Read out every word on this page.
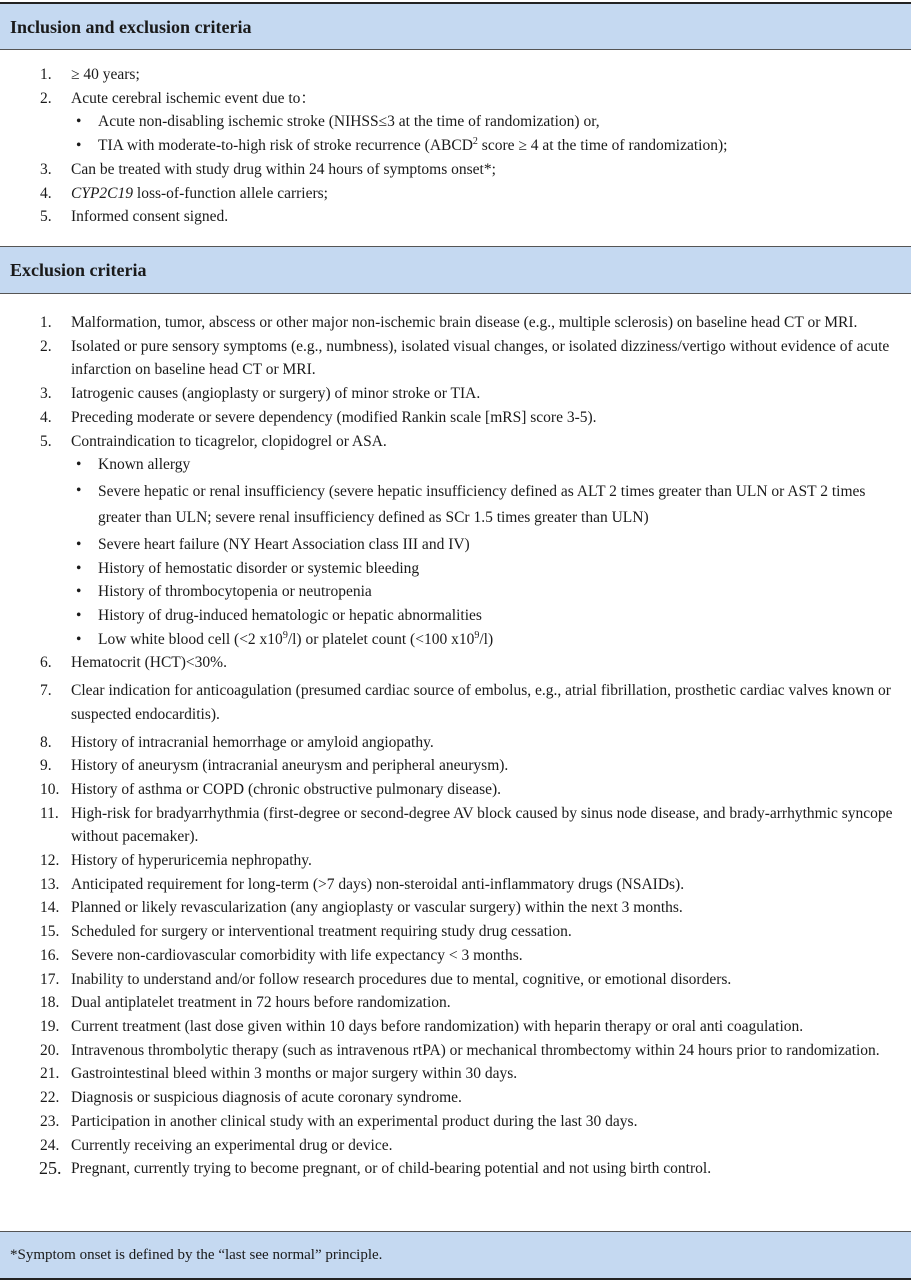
Inclusion and exclusion criteria
1. ≥ 40 years;
2. Acute cerebral ischemic event due to：
• Acute non-disabling ischemic stroke (NIHSS≤3 at the time of randomization) or,
• TIA with moderate-to-high risk of stroke recurrence (ABCD$^2$ score ≥ 4 at the time of randomization);
3. Can be treated with study drug within 24 hours of symptoms onset*;
4. CYP2C19 loss-of-function allele carriers;
5. Informed consent signed.
Exclusion criteria
1. Malformation, tumor, abscess or other major non-ischemic brain disease (e.g., multiple sclerosis) on baseline head CT or MRI.
2. Isolated or pure sensory symptoms (e.g., numbness), isolated visual changes, or isolated dizziness/vertigo without evidence of acute infarction on baseline head CT or MRI.
3. Iatrogenic causes (angioplasty or surgery) of minor stroke or TIA.
4. Preceding moderate or severe dependency (modified Rankin scale [mRS] score 3-5).
5. Contraindication to ticagrelor, clopidogrel or ASA.
• Known allergy
• Severe hepatic or renal insufficiency (severe hepatic insufficiency defined as ALT 2 times greater than ULN or AST 2 times greater than ULN; severe renal insufficiency defined as SCr 1.5 times greater than ULN)
• Severe heart failure (NY Heart Association class III and IV)
• History of hemostatic disorder or systemic bleeding
• History of thrombocytopenia or neutropenia
• History of drug-induced hematologic or hepatic abnormalities
• Low white blood cell (<2 $x10^9/l$) or platelet count (<100 $x10^9/l$)
6. Hematocrit (HCT)<30%.
7. Clear indication for anticoagulation (presumed cardiac source of embolus, e.g., atrial fibrillation, prosthetic cardiac valves known or suspected endocarditis).
8. History of intracranial hemorrhage or amyloid angiopathy.
9. History of aneurysm (intracranial aneurysm and peripheral aneurysm).
10. History of asthma or COPD (chronic obstructive pulmonary disease).
11. High-risk for bradyarrhythmia (first-degree or second-degree AV block caused by sinus node disease, and brady-arrhythmic syncope without pacemaker).
12. History of hyperuricemia nephropathy.
13. Anticipated requirement for long-term (>7 days) non-steroidal anti-inflammatory drugs (NSAIDs).
14. Planned or likely revascularization (any angioplasty or vascular surgery) within the next 3 months.
15. Scheduled for surgery or interventional treatment requiring study drug cessation.
16. Severe non-cardiovascular comorbidity with life expectancy < 3 months.
17. Inability to understand and/or follow research procedures due to mental, cognitive, or emotional disorders.
18. Dual antiplatelet treatment in 72 hours before randomization.
19. Current treatment (last dose given within 10 days before randomization) with heparin therapy or oral anti coagulation.
20. Intravenous thrombolytic therapy (such as intravenous rtPA) or mechanical thrombectomy within 24 hours prior to randomization.
21. Gastrointestinal bleed within 3 months or major surgery within 30 days.
22. Diagnosis or suspicious diagnosis of acute coronary syndrome.
23. Participation in another clinical study with an experimental product during the last 30 days.
24. Currently receiving an experimental drug or device.
25. Pregnant, currently trying to become pregnant, or of child-bearing potential and not using birth control.
*Symptom onset is defined by the “last see normal” principle.
